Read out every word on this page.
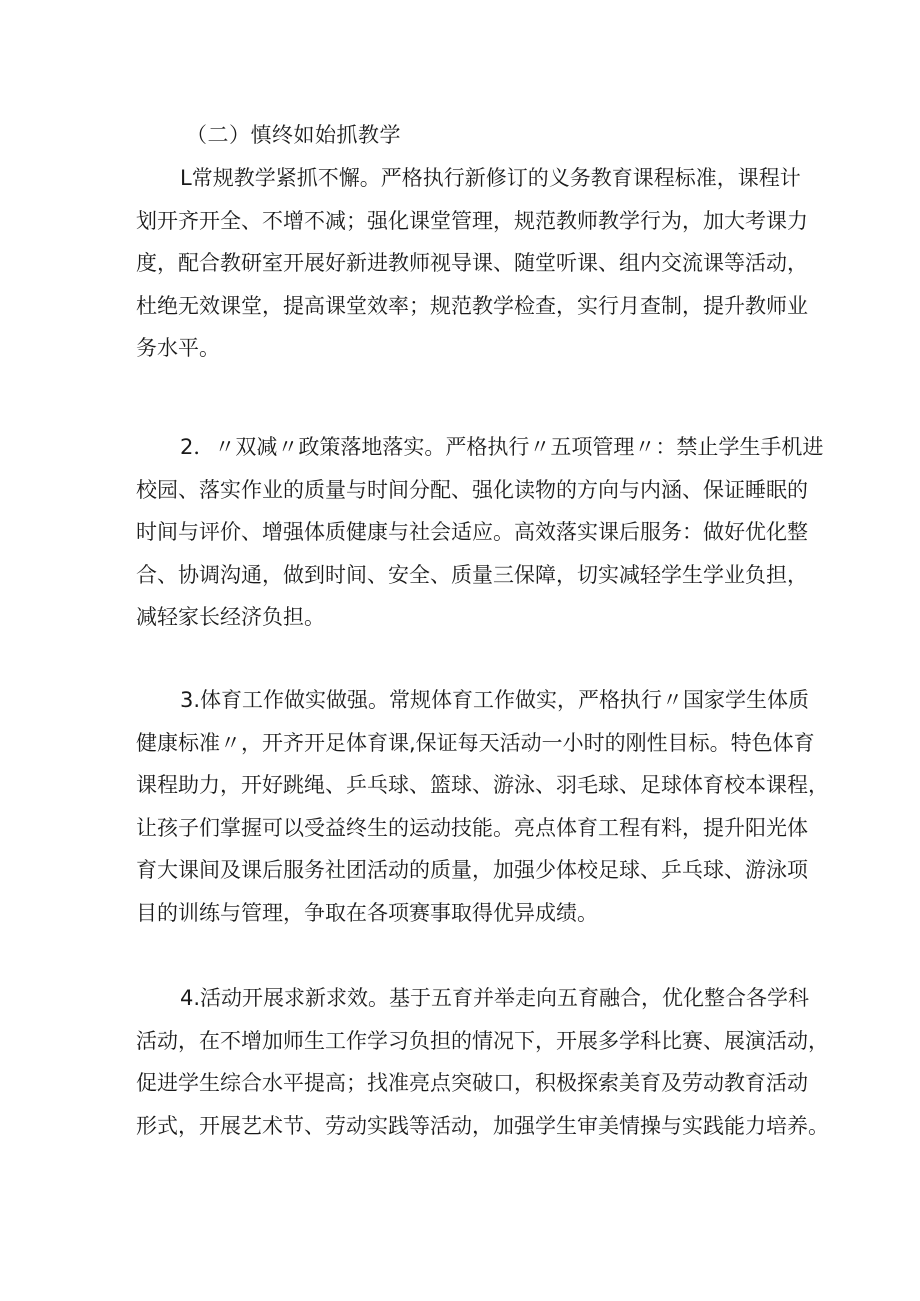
（二）慎终如始抓教学
L常规教学紧抓不懈。严格执行新修订的义务教育课程标准，课程计
划开齐开全、不增不减；强化课堂管理，规范教师教学行为，加大考课力
度，配合教研室开展好新进教师视导课、随堂听课、组内交流课等活动，
杜绝无效课堂，提高课堂效率；规范教学检查，实行月查制，提升教师业
务水平。
2．〃双减〃政策落地落实。严格执行〃五项管理〃：禁止学生手机进
校园、落实作业的质量与时间分配、强化读物的方向与内涵、保证睡眠的
时间与评价、增强体质健康与社会适应。高效落实课后服务：做好优化整
合、协调沟通，做到时间、安全、质量三保障，切实减轻学生学业负担，
减轻家长经济负担。
3.体育工作做实做强。常规体育工作做实，严格执行〃国家学生体质
健康标准〃，开齐开足体育课,保证每天活动一小时的刚性目标。特色体育
课程助力，开好跳绳、乒乓球、篮球、游泳、羽毛球、足球体育校本课程，
让孩子们掌握可以受益终生的运动技能。亮点体育工程有料，提升阳光体
育大课间及课后服务社团活动的质量，加强少体校足球、乒乓球、游泳项
目的训练与管理，争取在各项赛事取得优异成绩。
4.活动开展求新求效。基于五育并举走向五育融合，优化整合各学科
活动，在不增加师生工作学习负担的情况下，开展多学科比赛、展演活动，
促进学生综合水平提高；找准亮点突破口，积极探索美育及劳动教育活动
形式，开展艺术节、劳动实践等活动，加强学生审美情操与实践能力培养。
